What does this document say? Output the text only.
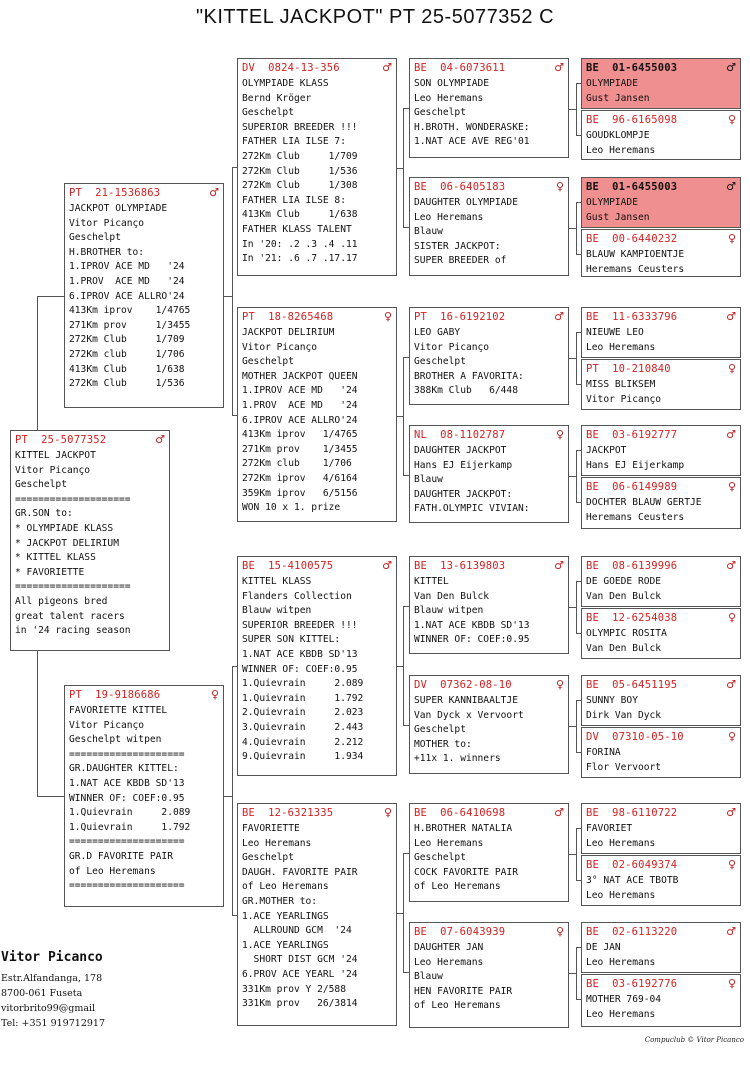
"KITTEL JACKPOT" PT 25-5077352 C
PT  25-5077352	♂
KITTEL JACKPOT
Vitor Picanço
Geschelpt
====================
GR.SON to:
* OLYMPIADE KLASS
* JACKPOT DELIRIUM
* KITTEL KLASS
* FAVORIETTE
====================
All pigeons bred
great talent racers
in '24 racing season
PT  21-1536863	♂
JACKPOT OLYMPIADE
Vitor Picanço
Geschelpt
H.BROTHER to:
1.IPROV ACE MD   '24
1.PROV  ACE MD   '24
6.IPROV ACE ALLRO'24
413Km iprov    1/4765
271Km prov     1/3455
272Km Club     1/709
272Km club     1/706
413Km Club     1/638
272Km Club     1/536
PT  19-9186686	♀
FAVORIETTE KITTEL
Vitor Picanço
Geschelpt witpen
====================
GR.DAUGHTER KITTEL:
1.NAT ACE KBDB SD'13
WINNER OF: COEF:0.95
1.Quievrain     2.089
1.Quievrain     1.792
====================
GR.D FAVORITE PAIR
of Leo Heremans
====================
DV  0824-13-356	♂
OLYMPIADE KLASS
Bernd Kröger
Geschelpt
SUPERIOR BREEDER !!!
FATHER LIA ILSE 7:
272Km Club     1/709
272Km Club     1/536
272Km Club     1/308
FATHER LIA ILSE 8:
413Km Club     1/638
FATHER KLASS TALENT
In '20: .2 .3 .4 .11
In '21: .6 .7 .17.17
PT  18-8265468	♀
JACKPOT DELIRIUM
Vitor Picanço
Geschelpt
MOTHER JACKPOT QUEEN
1.IPROV ACE MD   '24
1.PROV  ACE MD   '24
6.IPROV ACE ALLRO'24
413Km iprov   1/4765
271Km prov    1/3455
272Km club    1/706
272Km iprov   4/6164
359Km iprov   6/5156
WON 10 x 1. prize
BE  15-4100575	♂
KITTEL KLASS
Flanders Collection
Blauw witpen
SUPERIOR BREEDER !!!
SUPER SON KITTEL:
1.NAT ACE KBDB SD'13
WINNER OF: COEF:0.95
1.Quievrain     2.089
1.Quievrain     1.792
2.Quievrain     2.023
3.Quievrain     2.443
4.Quievrain     2.212
9.Quievrain     1.934
BE  12-6321335	♀
FAVORIETTE
Leo Heremans
Geschelpt
DAUGH. FAVORITE PAIR
of Leo Heremans
GR.MOTHER to:
1.ACE YEARLINGS
ALLROUND GCM  '24
1.ACE YEARLINGS
SHORT DIST GCM '24
6.PROV ACE YEARL '24
331Km prov Y 2/588
331Km prov   26/3814
BE  04-6073611	♂
SON OLYMPIADE
Leo Heremans
Geschelpt
H.BROTH. WONDERASKE:
1.NAT ACE AVE REG'01
BE  06-6405183	♀
DAUGHTER OLYMPIADE
Leo Heremans
Blauw
SISTER JACKPOT:
SUPER BREEDER of
PT  16-6192102	♂
LEO GABY
Vitor Picanço
Geschelpt
BROTHER A FAVORITA:
388Km Club   6/448
NL  08-1102787	♀
DAUGHTER JACKPOT
Hans EJ Eijerkamp
Blauw
DAUGHTER JACKPOT:
FATH.OLYMPIC VIVIAN:
BE  13-6139803	♂
KITTEL
Van Den Bulck
Blauw witpen
1.NAT ACE KBDB SD'13
WINNER OF: COEF:0.95
DV  07362-08-10	♀
SUPER KANNIBAALTJE
Van Dyck x Vervoort
Geschelpt
MOTHER to:
+11x 1. winners
BE  06-6410698	♂
H.BROTHER NATALIA
Leo Heremans
Geschelpt
COCK FAVORITE PAIR
of Leo Heremans
BE  07-6043939	♀
DAUGHTER JAN
Leo Heremans
Blauw
HEN FAVORITE PAIR
of Leo Heremans
BE  01-6455003	♂
OLYMPIADE
Gust Jansen
BE  96-6165098	♀
GOUDKLOMPJE
Leo Heremans
BE  01-6455003	♂
OLYMPIADE
Gust Jansen
BE  00-6440232	♀
BLAUW KAMPIOENTJE
Heremans Ceusters
BE  11-6333796	♂
NIEUWE LEO
Leo Heremans
PT  10-210840	♀
MISS BLIKSEM
Vitor Picanço
BE  03-6192777	♂
JACKPOT
Hans EJ Eijerkamp
BE  06-6149989	♀
DOCHTER BLAUW GERTJE
Heremans Ceusters
BE  08-6139996	♂
DE GOEDE RODE
Van Den Bulck
BE  12-6254038	♀
OLYMPIC ROSITA
Van Den Bulck
BE  05-6451195	♂
SUNNY BOY
Dirk Van Dyck
DV  07310-05-10	♀
FORINA
Flor Vervoort
BE  98-6110722	♂
FAVORIET
Leo Heremans
BE  02-6049374	♀
3° NAT ACE TBOTB
Leo Heremans
BE  02-6113220	♂
DE JAN
Leo Heremans
BE  03-6192776	♀
MOTHER 769-04
Leo Heremans
Vitor Picanco
Estr.Alfandanga, 178
8700-061 Fuseta
vitorbrito99@gmail
Tel: +351 919712917
Compuclub © Vitor Picanco
